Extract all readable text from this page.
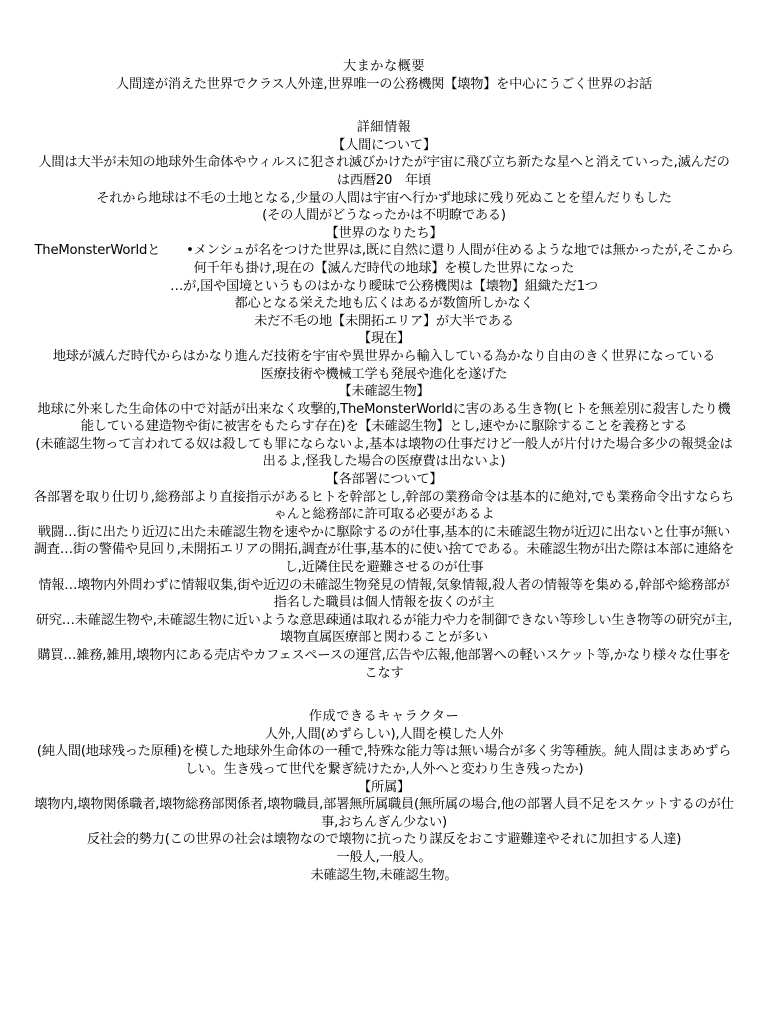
大まかな概要
人間達が消えた世界でクラス人外達,世界唯一の公務機関【壊物】を中心にうごく世界のお話
詳細情報
【人間について】
人間は大半が未知の地球外生命体やウィルスに犯され滅びかけたが宇宙に飛び立ち新たな星へと消えていった,滅んだのは西暦20　年頃
それから地球は不毛の土地となる,少量の人間は宇宙へ行かず地球に残り死ぬことを望んだりもした
(その人間がどうなったかは不明瞭である)
【世界のなりたち】
TheMonsterWorldと　　•メンシュが名をつけた世界は,既に自然に還り人間が住めるような地では無かったが,そこから何千年も掛け,現在の【滅んだ時代の地球】を模した世界になった
…が,国や国境というものはかなり曖昧で公務機関は【壊物】組織ただ1つ
都心となる栄えた地も広くはあるが数箇所しかなく
未だ不毛の地【未開拓エリア】が大半である
【現在】
地球が滅んだ時代からはかなり進んだ技術を宇宙や異世界から輸入している為かなり自由のきく世界になっている
医療技術や機械工学も発展や進化を遂げた
【未確認生物】
地球に外来した生命体の中で対話が出来なく攻撃的,TheMonsterWorldに害のある生き物(ヒトを無差別に殺害したり機能している建造物や街に被害をもたらす存在)を【未確認生物】とし,速やかに駆除することを義務とする
(未確認生物って言われてる奴は殺しても罪にならないよ,基本は壊物の仕事だけど一般人が片付けた場合多少の報奨金は出るよ,怪我した場合の医療費は出ないよ)
【各部署について】
各部署を取り仕切り,総務部より直接指示があるヒトを幹部とし,幹部の業務命令は基本的に絶対,でも業務命令出すならちゃんと総務部に許可取る必要があるよ
戦闘…街に出たり近辺に出た未確認生物を速やかに駆除するのが仕事,基本的に未確認生物が近辺に出ないと仕事が無い
調査…街の警備や見回り,未開拓エリアの開拓,調査が仕事,基本的に使い捨てである。未確認生物が出た際は本部に連絡をし,近隣住民を避難させるのが仕事
情報…壊物内外問わずに情報収集,街や近辺の未確認生物発見の情報,気象情報,殺人者の情報等を集める,幹部や総務部が指名した職員は個人情報を抜くのが主
研究…未確認生物や,未確認生物に近いような意思疎通は取れるが能力や力を制御できない等珍しい生き物等の研究が主,壊物直属医療部と関わることが多い
購買…雑務,雑用,壊物内にある売店やカフェスペースの運営,広告や広報,他部署への軽いスケット等,かなり様々な仕事をこなす
作成できるキャラクター
人外,人間(めずらしい),人間を模した人外
(純人間(地球残った原種)を模した地球外生命体の一種で,特殊な能力等は無い場合が多く劣等種族。純人間はまあめずらしい。生き残って世代を繋ぎ続けたか,人外へと変わり生き残ったか)
【所属】
壊物内,壊物関係職者,壊物総務部関係者,壊物職員,部署無所属職員(無所属の場合,他の部署人員不足をスケットするのが仕事,おちんぎん少ない)
反社会的勢力(この世界の社会は壊物なので壊物に抗ったり謀反をおこす避難達やそれに加担する人達)
一般人,一般人。
未確認生物,未確認生物。
